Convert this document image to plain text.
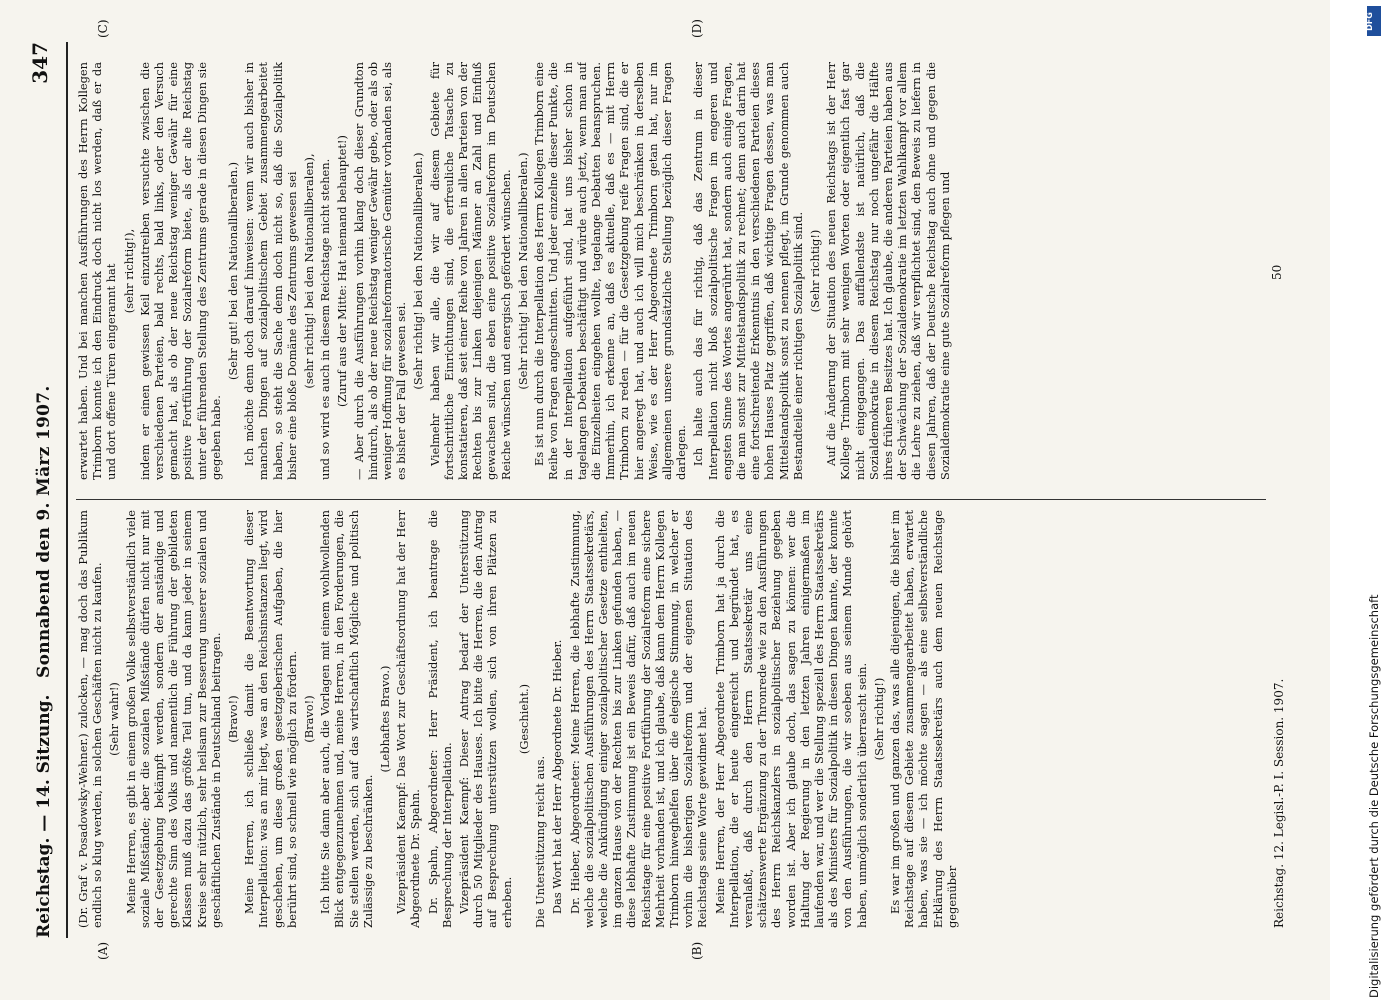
Reichstag. — 14. Sitzung.
Sonnabend den 9. März 1907.
347
(A)	(B)
(C)	(D)

(Dr. Graf v. Posadowsky-Wehner.) zulocken, — mag doch das Publikum endlich so klug werden, in solchen Geschäften nicht zu kaufen. (Sehr wahr!) Meine Herren, es gibt in einem großen Volke selbstverständlich viele soziale Mißstände; aber die sozialen Mißstände dürfen nicht nur mit der Gesetzgebung bekämpft werden, sondern der anständige und gerechte Sinn des Volks und namentlich die Führung der gebildeten Klassen muß dazu das größte Teil tun, und da kann jeder in seinem Kreise sehr nützlich, sehr heilsam zur Besserung unserer sozialen und geschäftlichen Zustände in Deutschland beitragen. (Bravo!) Meine Herren, ich schließe damit die Beantwortung dieser Interpellation: was an mir liegt, was an den Reichsinstanzen liegt, wird geschehen, um diese großen gesetzgeberischen Aufgaben, die hier berührt sind, so schnell wie möglich zu fördern. (Bravo!) Ich bitte Sie dann aber auch, die Vorlagen mit einem wohlwollenden Blick entgegenzunehmen und, meine Herren, in den Forderungen, die Sie stellen werden, sich auf das wirtschaftlich Mögliche und politisch Zulässige zu beschränken.

(Lebhaftes Bravo.) Vizepräsident Kaempf: Das Wort zur Geschäftsordnung hat der Herr Abgeordnete Dr. Spahn. Dr. Spahn, Abgeordneter: Herr Präsident, ich beantrage die Besprechung der Interpellation. Vizepräsident Kaempf: Dieser Antrag bedarf der Unterstützung durch 50 Mitglieder des Hauses. Ich bitte die Herren, die den Antrag auf Besprechung unterstützen wollen, sich von ihren Plätzen zu erheben.

(Geschieht.)

Die Unterstützung reicht aus. Das Wort hat der Herr Abgeordnete Dr. Hieber. Dr. Hieber, Abgeordneter: Meine Herren, die lebhafte Zustimmung, welche die sozialpolitischen Ausführungen des Herrn Staatssekretärs, welche die Ankündigung einiger sozialpolitischer Gesetze enthielten, im ganzen Hause von der Rechten bis zur Linken gefunden haben, — diese lebhafte Zustimmung ist ein Beweis dafür, daß auch im neuen Reichstage für eine positive Fortführung der Sozialreform eine sichere Mehrheit vorhanden ist, und ich glaube, daß kann dem Herrn Kollegen Trimborn hinweghelfen über die elegische Stimmung, in welcher er vorhin die bisherigen Sozialreform und der eigenen Situation des Reichstags seine Worte gewidmet hat. Meine Herren, der Herr Abgeordnete Trimborn hat ja durch die Interpellation, die er heute eingereicht und begründet hat, es veranlaßt, daß durch den Herrn Staatssekretär uns eine schätzenswerte Ergänzung zu der Thronrede wie zu den Ausführungen des Herrn Reichskanzlers in sozialpolitischer Beziehung gegeben worden ist. Aber ich glaube doch, das sagen zu können: wer die Haltung der Regierung in den letzten Jahren einigermaßen im laufenden war, und wer die Stellung speziell des Herrn Staatssekretärs als des Ministers für Sozialpolitik in diesen Dingen kannte, der konnte von den Ausführungen, die wir soeben aus seinem Munde gehört haben, unmöglich sonderlich überrascht sein. (Sehr richtig!) Es war im großen und ganzen das, was alle diejenigen, die bisher im Reichstage auf diesem Gebiete zusammengearbeitet haben, erwartet haben, was sie — ich möchte sagen — als eine selbstverständliche Erklärung des Herrn Staatssekretärs auch dem neuen Reichstage gegenüber

erwartet haben. Und bei manchen Ausführungen des Herrn Kollegen Trimborn konnte ich den Eindruck doch nicht los werden, daß er da und dort offene Türen eingerannt hat (sehr richtig!), indem er einen gewissen Keil einzutreiben versuchte zwischen die verschiedenen Parteien, bald rechts, bald links, oder den Versuch gemacht hat, als ob der neue Reichstag weniger Gewähr für eine positive Fortführung der Sozialreform biete, als der alte Reichstag unter der führenden Stellung des Zentrums gerade in diesen Dingen sie gegeben habe.

(Sehr gut! bei den Nationalliberalen.) Ich möchte denn doch darauf hinweisen: wenn wir auch bisher in manchen Dingen auf sozialpolitischem Gebiet zusammengearbeitet haben, so steht die Sache denn doch nicht so, daß die Sozialpolitik bisher eine bloße Domäne des Zentrums gewesen sei (sehr richtig! bei den Nationalliberalen), und so wird es auch in diesem Reichstage nicht stehen. (Zuruf aus der Mitte: Hat niemand behauptet!) — Aber durch die Ausführungen vorhin klang doch dieser Grundton hindurch, als ob der neue Reichstag weniger Gewähr gebe, oder als ob weniger Hoffnung für sozialreformatorische Gemüter vorhanden sei, als es bisher der Fall gewesen sei.

(Sehr richtig! bei den Nationalliberalen.) Vielmehr haben wir alle, die wir auf diesem Gebiete für fortschrittliche Einrichtungen sind, die erfreuliche Tatsache zu konstatieren, daß seit einer Reihe von Jahren in allen Parteien von der Rechten bis zur Linken diejenigen Männer an Zahl und Einfluß gewachsen sind, die eben eine positive Sozialreform im Deutschen Reiche wünschen und energisch gefördert wünschen. (Sehr richtig! bei den Nationalliberalen.) Es ist nun durch die Interpellation des Herrn Kollegen Trimborn eine Reihe von Fragen angeschnitten. Und jeder einzelne dieser Punkte, die in der Interpellation aufgeführt sind, hat uns bisher schon in tagelangen Debatten beschäftigt und würde auch jetzt, wenn man auf die Einzelheiten eingehen wollte, tagelange Debatten beanspruchen. Immerhin, ich erkenne an, daß es aktuelle, daß es — mit Herrn Trimborn zu reden — für die Gesetzgebung reife Fragen sind, die er hier angeregt hat, und auch ich will mich beschränken in derselben Weise, wie es der Herr Abgeordnete Trimborn getan hat, nur im allgemeinen unsere grundsätzliche Stellung bezüglich dieser Fragen darlegen. Ich halte auch das für richtig, daß das Zentrum in dieser Interpellation nicht bloß sozialpolitische Fragen im engeren und engsten Sinne des Wortes angerührt hat, sondern auch einige Fragen, die man sonst zur Mittelstandspolitik zu rechnet; denn auch darin hat eine fortschreitende Erkenntnis in den verschiedenen Parteien dieses hohen Hauses Platz gegriffen, daß wichtige Fragen dessen, was man Mittelstandspolitik sonst zu nennen pflegt, im Grunde genommen auch Bestandteile einer richtigen Sozialpolitik sind. (Sehr richtig!) Auf die Änderung der Situation des neuen Reichstags ist der Herr Kollege Trimborn mit sehr wenigen Worten oder eigentlich fast gar nicht eingegangen. Das auffallendste ist natürlich, daß die Sozialdemokratie in diesem Reichstag nur noch ungefähr die Hälfte ihres früheren Besitzes hat. Ich glaube, die anderen Parteien haben aus der Schwächung der Sozialdemokratie im letzten Wahlkampf vor allem die Lehre zu ziehen, daß wir verpflichtet sind, den Beweis zu liefern in diesen Jahren, daß der Deutsche Reichstag auch ohne und gegen die Sozialdemokratie eine gute Sozialreform pflegen und

Reichstag. 12. Legisl.-P. I. Session. 1907.
50
DFG
Digitalisierung gefördert durch die Deutsche Forschungsgemeinschaft
